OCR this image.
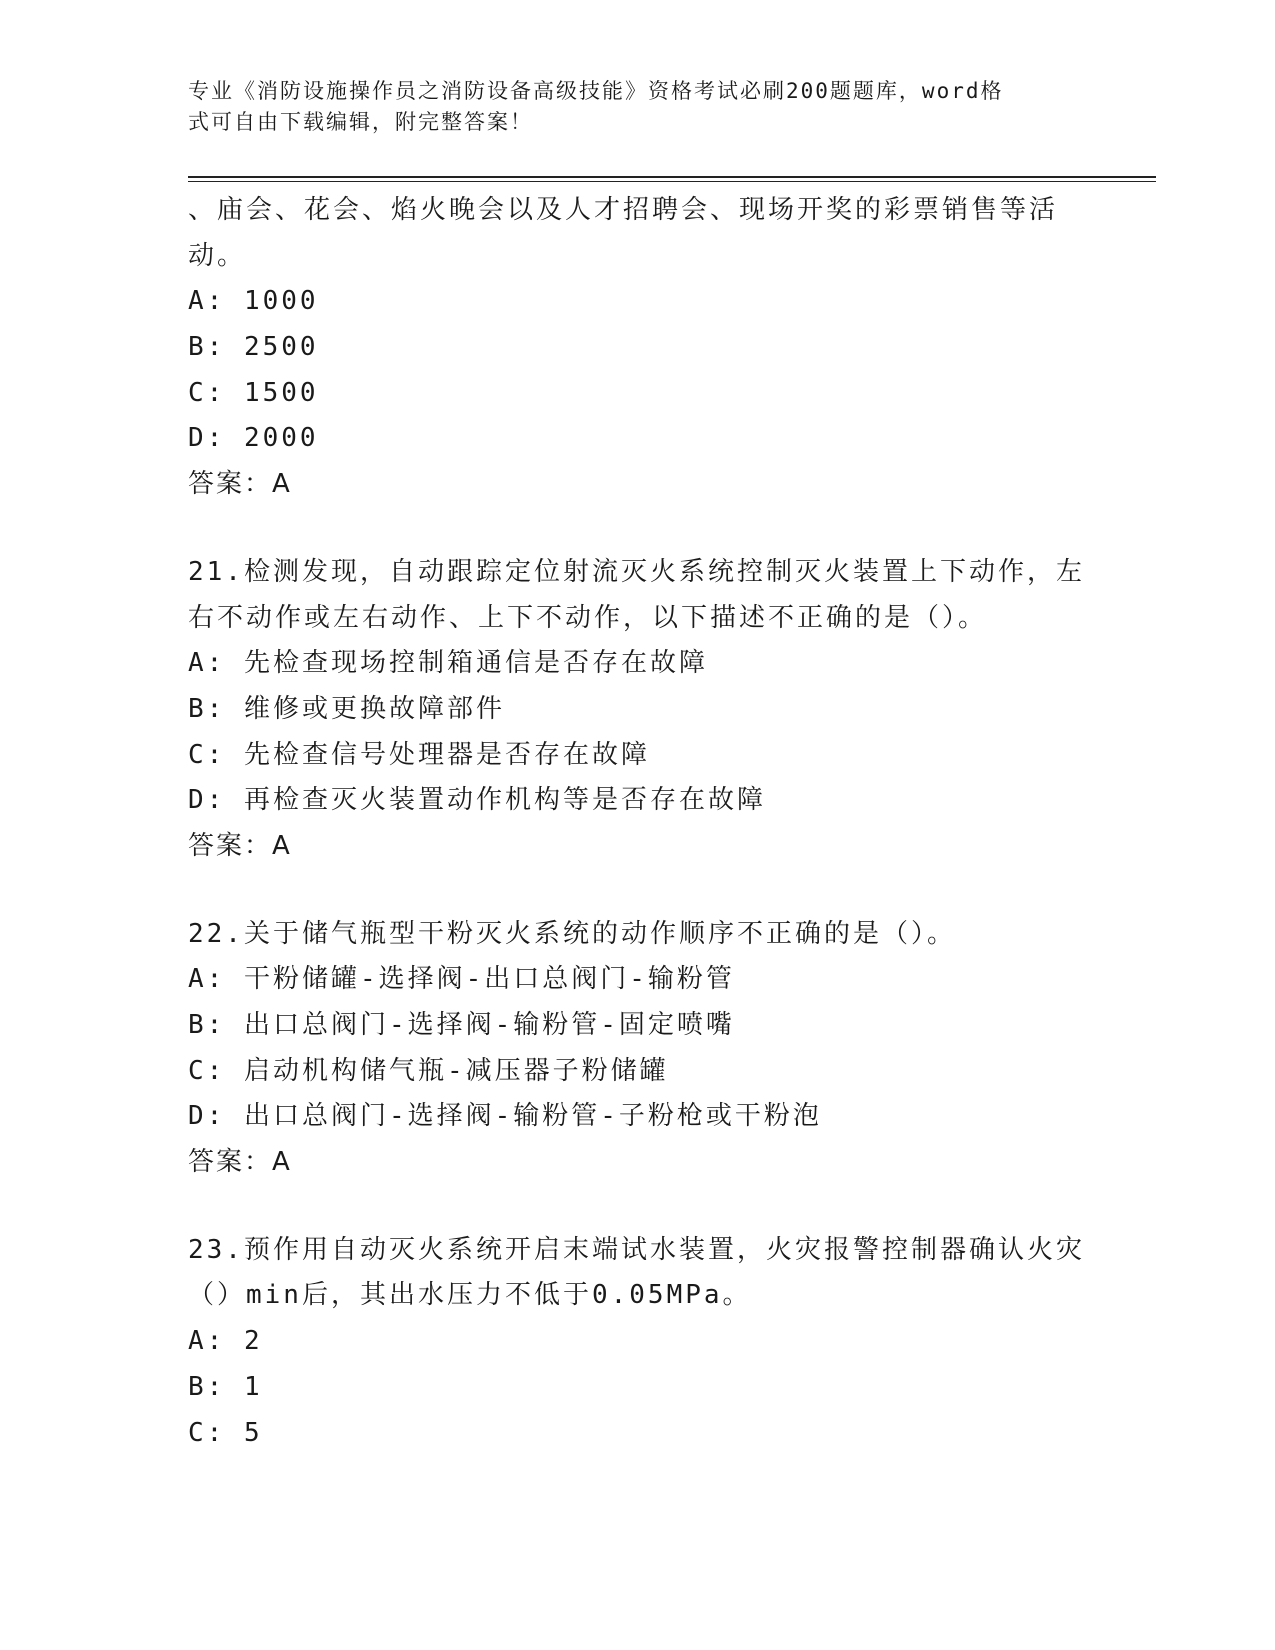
专业《消防设施操作员之消防设备高级技能》资格考试必刷200题题库，word格
式可自由下载编辑，附完整答案！
、庙会、花会、焰火晚会以及人才招聘会、现场开奖的彩票销售等活
动。
A: 1000
B: 2500
C: 1500
D: 2000
答案：A
21.检测发现，自动跟踪定位射流灭火系统控制灭火装置上下动作，左
右不动作或左右动作、上下不动作，以下描述不正确的是（）。
A: 先检查现场控制箱通信是否存在故障
B: 维修或更换故障部件
C: 先检查信号处理器是否存在故障
D: 再检查灭火装置动作机构等是否存在故障
答案：A
22.关于储气瓶型干粉灭火系统的动作顺序不正确的是（）。
A: 干粉储罐-选择阀-出口总阀门-输粉管
B: 出口总阀门-选择阀-输粉管-固定喷嘴
C: 启动机构储气瓶-减压器子粉储罐
D: 出口总阀门-选择阀-输粉管-子粉枪或干粉泡
答案：A
23.预作用自动灭火系统开启末端试水装置，火灾报警控制器确认火灾
（）min后，其出水压力不低于0.05MPa。
A: 2
B: 1
C: 5
